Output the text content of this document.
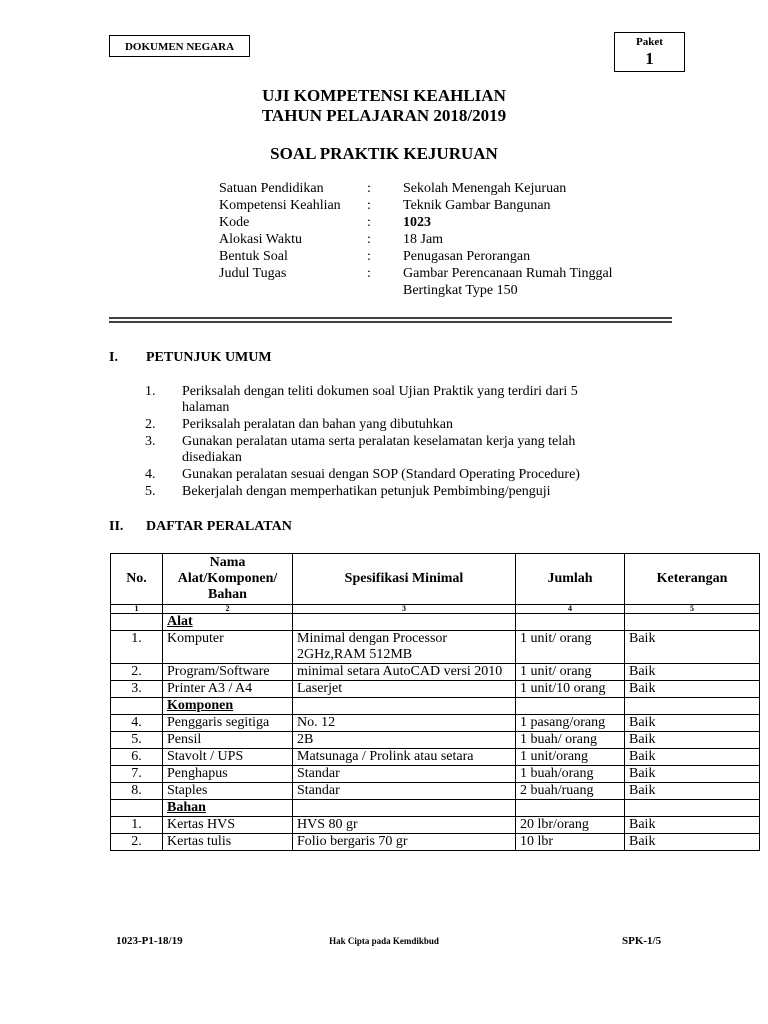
DOKUMEN NEGARA	Paket
1
UJI KOMPETENSI KEAHLIAN
TAHUN PELAJARAN 2018/2019
SOAL PRAKTIK KEJURUAN
Satuan Pendidikan	: Sekolah Menengah Kejuruan
Kompetensi Keahlian : Teknik Gambar Bangunan
Kode	: 1023
Alokasi Waktu	: 18 Jam
Bentuk Soal	: Penugasan Perorangan
Judul Tugas	: Gambar Perencanaan Rumah Tinggal
Bertingkat Type 150
I. PETUNJUK UMUM
1. Periksalah dengan teliti dokumen soal Ujian Praktik yang terdiri dari 5 halaman
2. Periksalah peralatan dan bahan yang dibutuhkan
3. Gunakan peralatan utama serta peralatan keselamatan kerja yang telah disediakan
4. Gunakan peralatan sesuai dengan SOP (Standard Operating Procedure)
5. Bekerjalah dengan memperhatikan petunjuk Pembimbing/penguji
II. DAFTAR PERALATAN
No.	Nama Alat/Komponen/ Bahan	Spesifikasi Minimal	Jumlah	Keterangan
1	2	3	4	5
	Alat			
1.	Komputer	Minimal dengan Processor 2GHz,RAM 512MB	1 unit/ orang	Baik
2.	Program/Software	minimal setara AutoCAD versi 2010	1 unit/ orang	Baik
3.	Printer A3 / A4	Laserjet	1 unit/10 orang	Baik
	Komponen			
4.	Penggaris segitiga	No. 12	1 pasang/orang	Baik
5.	Pensil	2B	1 buah/ orang	Baik
6.	Stavolt / UPS	Matsunaga / Prolink atau setara	1 unit/orang	Baik
7.	Penghapus	Standar	1 buah/orang	Baik
8.	Staples	Standar	2 buah/ruang	Baik
	Bahan			
1.	Kertas HVS	HVS 80 gr	20 lbr/orang	Baik
2.	Kertas tulis	Folio bergaris 70 gr	10 lbr	Baik
1023-P1-18/19	Hak Cipta pada Kemdikbud	SPK-1/5
